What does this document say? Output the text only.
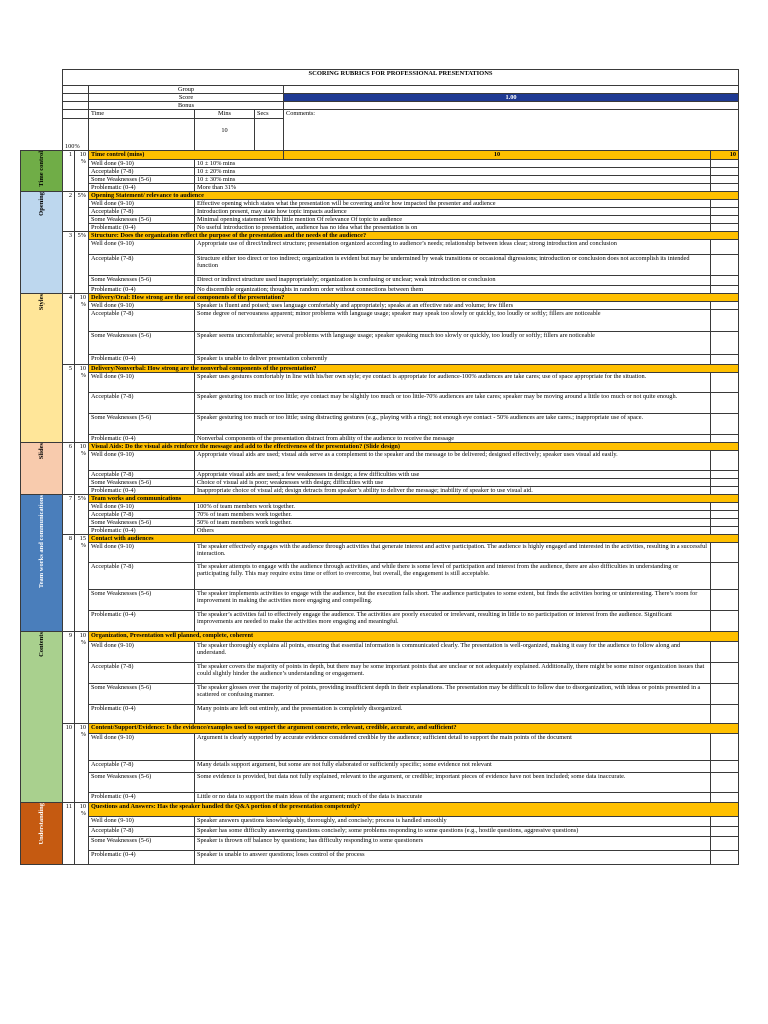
	SCORING RUBRICS FOR PROFESSIONAL PRESENTATIONS						
			Group				
			Score			1.00	
			Bonus				
			Time	Mins	Secs	Comments:	
				10			
	100%						
Time control	1	10%	Time control (mins)			10	10
			Well done (9-10)	10 ± 10% mins			
			Acceptable (7-8)	10 ± 20% mins			
			Some Weaknesses (5-6)	10 ± 30% mins			
			Problematic (0-4)	More than 31%			
Opening	2	5%	Opening Statement/ relevance to audience				
			Well done (9-10)	Effective opening which states what the presentation will be covering and/or how impacted the presenter and audience			
			Acceptable (7-8)	Introduction present, may state how topic impacts audience			
			Some Weaknesses (5-6)	Minimal opening statement With little mention Of relevance Of topic to audience			
			Problematic (0-4)	No useful introduction to presentation, audience has no idea what the presentation is on			
	3	5%	Structure: Does the organization reflect the purpose of the presentation and the needs of the audience?				
			Well done (9-10)	Appropriate use of direct/indirect structure; presentation organized according to audience’s needs; relationship between ideas clear; strong introduction and conclusion			
			Acceptable (7-8)	Structure either too direct or too indirect; organization is evident but may be undermined by weak transitions or occasional digressions; introduction or conclusion does not accomplish its intended function			
			Some Weaknesses (5-6)	Direct or indirect structure used inappropriately; organization is confusing or unclear; weak introduction or conclusion			
			Problematic (0-4)	No discernible organization; thoughts in random order without connections between them			
Styles	4	10%	Delivery/Oral: How strong are the oral components of the presentation?				
			Well done (9-10)	Speaker is fluent and poised; uses language comfortably and appropriately; speaks at an effective rate and volume; few fillers			
			Acceptable (7-8)	Some degree of nervousness apparent; minor problems with language usage; speaker may speak too slowly or quickly, too loudly or softly; fillers are noticeable			
			Some Weaknesses (5-6)	Speaker seems uncomfortable; several problems with language usage; speaker speaking much too slowly or quickly, too loudly or softly; fillers are noticeable			
			Problematic (0-4)	Speaker is unable to deliver presentation coherently			
	5	10%	Delivery/Nonverbal: How strong are the nonverbal components of the presentation?				
			Well done (9-10)	Speaker uses gestures comfortably in line with his/her own style; eye contact is appropriate for audience-100% audiences are take cares; use of space appropriate for the situation.			
			Acceptable (7-8)	Speaker gesturing too much or too little; eye contact may be slightly too much or too little-70% audiences are take cares; speaker may be moving around a little too much or not quite enough.			
			Some Weaknesses (5-6)	Speaker gesturing too much or too little; using distracting gestures (e.g., playing with a ring); not enough eye contact - 50% audiences are take cares.; inappropriate use of space.			
			Problematic (0-4)	Nonverbal components of the presentation distract from ability of the audience to receive the message			
Slides	6	10%	Visual Aids: Do the visual aids reinforce the message and add to the effectiveness of the presentation? (Slide design)				
			Well done (9-10)	Appropriate visual aids are used; visual aids serve as a complement to the speaker and the message to be delivered; designed effectively; speaker uses visual aid easily.			
			Acceptable (7-8)	Appropriate visual aids are used; a few weaknesses in design; a few difficulties with use			
			Some Weaknesses (5-6)	Choice of visual aid is poor; weaknesses with design; difficulties with use			
			Problematic (0-4)	Inappropriate choice of visual aid; design detracts from speaker’s ability to deliver the message; inability of speaker to use visual aid.			
Team works and communications	7	5%	Team works and communications				
			Well done (9-10)	100% of team members work together.			
			Acceptable (7-8)	70% of team members work together.			
			Some Weaknesses (5-6)	50% of team members work together.			
			Problematic (0-4)	Others			
	8	15%	Contact with audiences				
			Well done (9-10)	The speaker effectively engages with the audience through activities that generate interest and active participation. The audience is highly engaged and interested in the activities, resulting in a successful interaction.			
			Acceptable (7-8)	The speaker attempts to engage with the audience through activities, and while there is some level of participation and interest from the audience, there are also difficulties in understanding or participating fully. This may require extra time or effort to overcome, but overall, the engagement is still acceptable.			
			Some Weaknesses (5-6)	The speaker implements activities to engage with the audience, but the execution falls short. The audience participates to some extent, but finds the activities boring or uninteresting. There’s room for improvement in making the activities more engaging and compelling.			
			Problematic (0-4)	The speaker’s activities fail to effectively engage the audience. The activities are poorly executed or irrelevant, resulting in little to no participation or interest from the audience. Significant improvements are needed to make the activities more engaging and meaningful.			
Contents	9	10%	Organization, Presentation well planned, complete, coherent				
			Well done (9-10)	The speaker thoroughly explains all points, ensuring that essential information is communicated clearly. The presentation is well-organized, making it easy for the audience to follow along and understand.			
			Acceptable (7-8)	The speaker covers the majority of points in depth, but there may be some important points that are unclear or not adequately explained. Additionally, there might be some minor organization issues that could slightly hinder the audience’s understanding or engagement.			
			Some Weaknesses (5-6)	The speaker glosses over the majority of points, providing insufficient depth in their explanations. The presentation may be difficult to follow due to disorganization, with ideas or points presented in a scattered or confusing manner.			
			Problematic (0-4)	Many points are left out entirely, and the presentation is completely disorganized.			
	10	10%	Content/Support/Evidence: Is the evidence/examples used to support the argument concrete, relevant, credible, accurate, and sufficient?				
			Well done (9-10)	Argument is clearly supported by accurate evidence considered credible by the audience; sufficient detail to support the main points of the document			
			Acceptable (7-8)	Many details support argument, but some are not fully elaborated or sufficiently specific; some evidence not relevant			
			Some Weaknesses (5-6)	Some evidence is provided, but data not fully explained, relevant to the argument, or credible; important pieces of evidence have not been included; some data inaccurate.			
			Problematic (0-4)	Little or no data to support the main ideas of the argument; much of the data is inaccurate			
Understanding	11	10%	Questions and Answers: Has the speaker handled the Q&A portion of the presentation competently?				
			Well done (9-10)	Speaker answers questions knowledgeably, thoroughly, and concisely; process is handled smoothly			
			Acceptable (7-8)	Speaker has some difficulty answering questions concisely; some problems responding to some questions (e.g., hostile questions, aggressive questions)			
			Some Weaknesses (5-6)	Speaker is thrown off balance by questions; has difficulty responding to some questioners			
			Problematic (0-4)	Speaker is unable to answer questions; loses control of the process			
